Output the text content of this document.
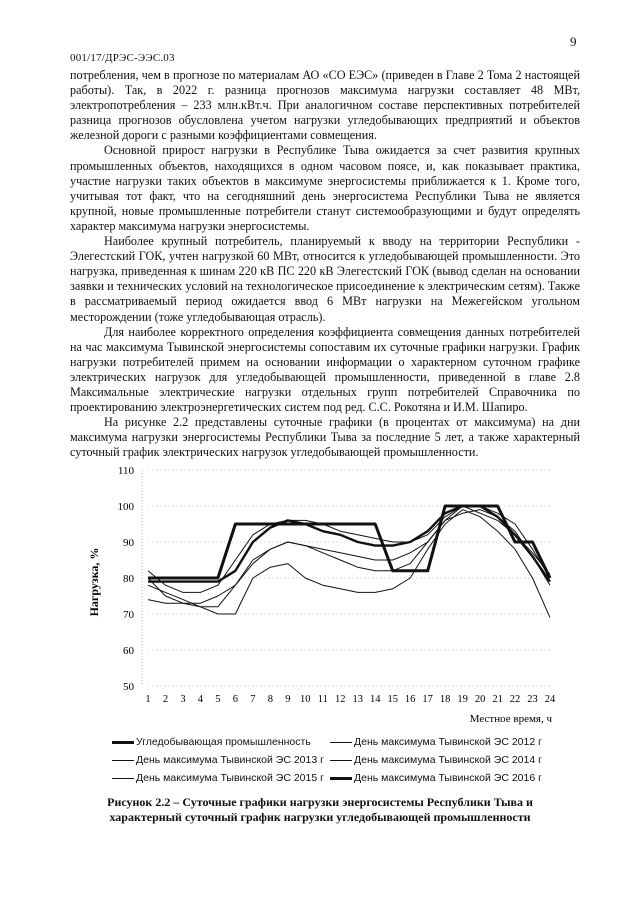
9
001/17/ДРЭС-ЭЭС.03

потребления, чем в прогнозе по материалам АО «СО ЕЭС» (приведен в Главе 2 Тома 2 настоящей работы). Так, в 2022 г. разница прогнозов максимума нагрузки составляет 48 МВт, электропотребления – 233 млн.кВт.ч. При аналогичном составе перспективных потребителей разница прогнозов обусловлена учетом нагрузки угледобывающих предприятий и объектов железной дороги с разными коэффициентами совмещения.

Основной прирост нагрузки в Республике Тыва ожидается за счет развития крупных промышленных объектов, находящихся в одном часовом поясе, и, как показывает практика, участие нагрузки таких объектов в максимуме энергосистемы приближается к 1. Кроме того, учитывая тот факт, что на сегодняшний день энергосистема Республики Тыва не является крупной, новые промышленные потребители станут системообразующими и будут определять характер максимума нагрузки энергосистемы.

Наиболее крупный потребитель, планируемый к вводу на территории Республики - Элегестский ГОК, учтен нагрузкой 60 МВт, относится к угледобывающей промышленности. Это нагрузка, приведенная к шинам 220 кВ ПС 220 кВ Элегестский ГОК (вывод сделан на основании заявки и технических условий на технологическое присоединение к электрическим сетям). Также в рассматриваемый период ожидается ввод 6 МВт нагрузки на Межегейском угольном месторождении (тоже угледобывающая отрасль).

Для наиболее корректного определения коэффициента совмещения данных потребителей на час максимума Тывинской энергосистемы сопоставим их суточные графики нагрузки. График нагрузки потребителей примем на основании информации о характерном суточном графике электрических нагрузок для угледобывающей промышленности, приведенной в главе 2.8 Максимальные электрические нагрузки отдельных групп потребителей Справочника по проектированию электроэнергетических систем под ред. С.С. Рокотяна и И.М. Шапиро.

На рисунке 2.2 представлены суточные графики (в процентах от максимума) на дни максимума нагрузки энергосистемы Республики Тыва за последние 5 лет, а также характерный суточный график электрических нагрузок угледобывающей промышленности.

50
60
70
80
90
100
110
1 2 3 4 5 6 7 8 9 10 11 12 13 14 15 16 17 18 19 20 21 22 23 24
Нагрузка, %
Местное время, ч
Угледобывающая промышленность	День максимума Тывинской ЭС 2012 г
День максимума Тывинской ЭС 2013 г	День максимума Тывинской ЭС 2014 г
День максимума Тывинской ЭС 2015 г	День максимума Тывинской ЭС 2016 г
Рисунок 2.2 – Суточные графики нагрузки энергосистемы Республики Тыва и
характерный суточный график нагрузки угледобывающей промышленности
